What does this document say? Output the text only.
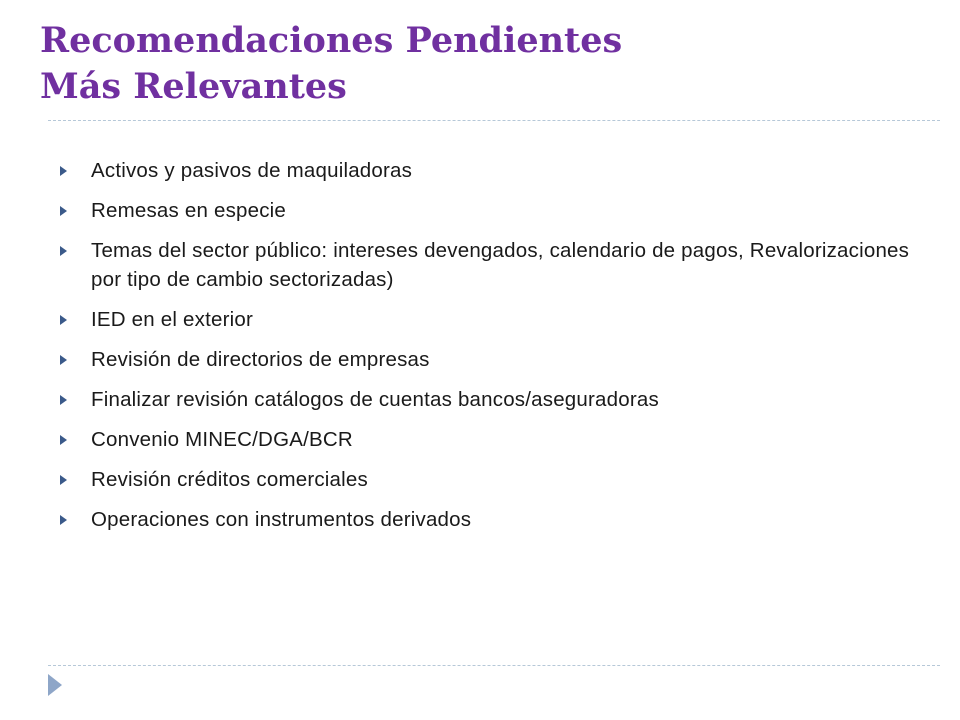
Recomendaciones Pendientes
Más Relevantes
Activos y pasivos de maquiladoras
Remesas en especie
Temas del sector público: intereses devengados, calendario de pagos, Revalorizaciones por tipo de cambio sectorizadas)
IED en el exterior
Revisión de directorios de empresas
Finalizar revisión catálogos de cuentas bancos/aseguradoras
Convenio MINEC/DGA/BCR
Revisión créditos comerciales
Operaciones con instrumentos derivados
